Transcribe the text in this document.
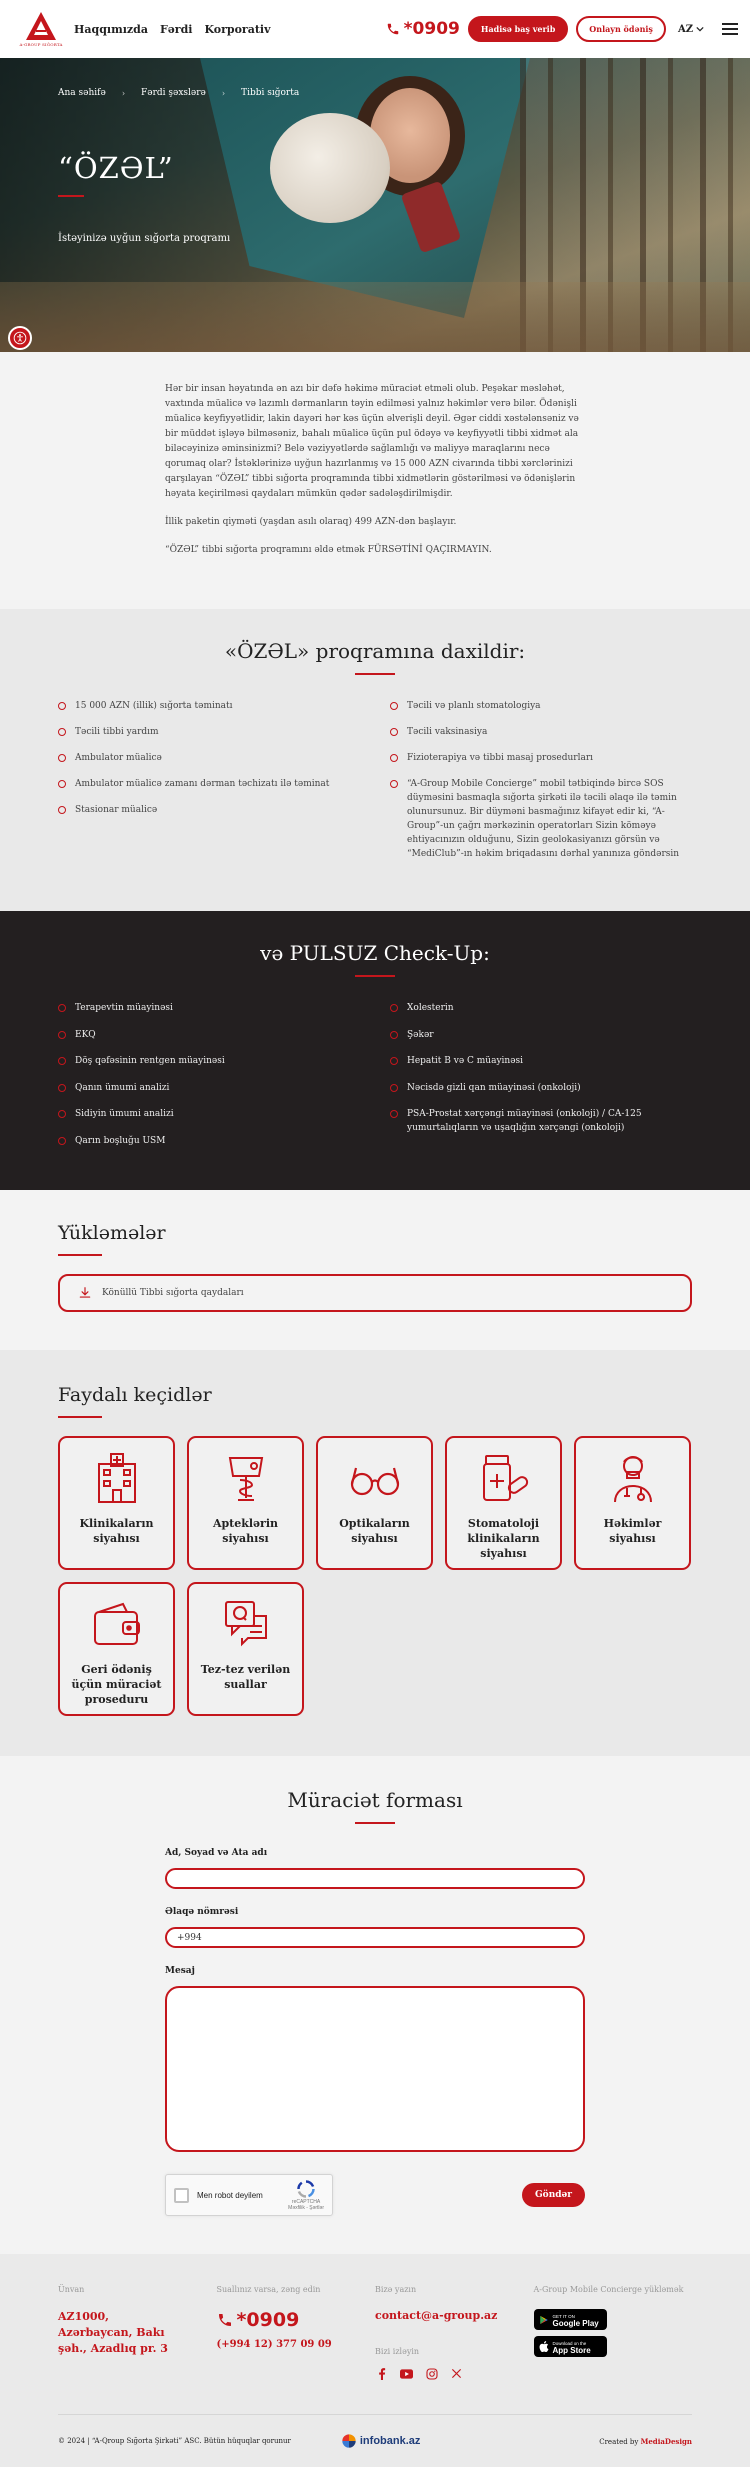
A-GROUP SIĞORTA
Haqqımızda Fərdi Korporativ	*0909	Hadisə baş verib	Onlayn ödəniş	AZ
Ana səhifə › Fərdi şəxslərə › Tibbi sığorta
“ÖZƏL”

İstəyinizə uyğun sığorta proqramı

Hər bir insan həyatında ən azı bir dəfə həkimə müraciət etməli olub. Peşəkar məsləhət, vaxtında müalicə və lazımlı dərmanların təyin edilməsi yalnız həkimlər verə bilər. Ödənişli müalicə keyfiyyətlidir, lakin dayəri hər kəs üçün əlverişli deyil. Əgər ciddi xəstələnsəniz və bir müddət işləyə bilməsəniz, bahalı müalicə üçün pul ödəyə və keyfiyyətli tibbi xidmət ala biləcəyinizə əminsinizmi? Belə vəziyyətlərdə sağlamlığı və maliyyə maraqlarını necə qorumaq olar? İstəklərinizə uyğun hazırlanmış və 15 000 AZN civarında tibbi xərclərinizi qarşılayan “ÖZƏL” tibbi sığorta proqramında tibbi xidmətlərin göstərilməsi və ödənişlərin həyata keçirilməsi qaydaları mümkün qədər sadələşdirilmişdir.

İllik paketin qiyməti (yaşdan asılı olaraq) 499 AZN-dən başlayır.

“ÖZƏL” tibbi sığorta proqramını əldə etmək FÜRSƏTİNİ QAÇIRMAYIN.

«ÖZƏL» proqramına daxildir:
15 000 AZN (illik) sığorta təminatı
Təcili tibbi yardım
Ambulator müalicə
Ambulator müalicə zamanı dərman təchizatı ilə təminat
Stasionar müalicə
Təcili və planlı stomatologiya
Təcili vaksinasiya
Fizioterapiya və tibbi masaj prosedurları
“A-Group Mobile Concierge” mobil tətbiqində bircə SOS düyməsini basmaqla sığorta şirkəti ilə təcili əlaqə ilə təmin olunursunuz. Bir düyməni basmağınız kifayət edir ki, “A-Group”-un çağrı mərkəzinin operatorları Sizin köməyə ehtiyacınızın olduğunu, Sizin geolokasiyanızı görsün və “MediClub”-ın həkim briqadasını dərhal yanınıza göndərsin
və PULSUZ Check-Up:
Terapevtin müayinəsi
EKQ
Döş qəfəsinin rentgen müayinəsi
Qanın ümumi analizi
Sidiyin ümumi analizi
Qarın boşluğu USM
Xolesterin
Şəkər
Hepatit B və C müayinəsi
Nəcisdə gizli qan müayinəsi (onkoloji)
PSA-Prostat xərçəngi müayinəsi (onkoloji) / CA-125 yumurtalıqların və uşaqlığın xərçəngi (onkoloji)
Yükləmələr
Könüllü Tibbi sığorta qaydaları
Faydalı keçidlər
Klinikaların siyahısı
Apteklərin siyahısı
Optikaların siyahısı
Stomatoloji klinikaların siyahısı
Həkimlər siyahısı
Geri ödəniş üçün müraciət proseduru
Tez-tez verilən suallar
Müraciət forması
Ad, Soyad və Ata adı
Əlaqə nömrəsi
+994
Mesaj
Men robot deyilem
reCAPTCHA
Məxfilik - Şərtlər
Göndər
Ünvan
AZ1000, Azərbaycan, Bakı şəh., Azadlıq pr. 3
Suallınız varsa, zəng edin
*0909
(+994 12) 377 09 09
Bizə yazın
contact@a-group.az
Bizi izləyin
A-Group Mobile Concierge yükləmək
GET IT ON
Google Play
Download on the
App Store
© 2024 | “A-Qroup Sığorta Şirkəti” ASC. Bütün hüquqlar qorunur	infobank.az	Created by MediaDesign
